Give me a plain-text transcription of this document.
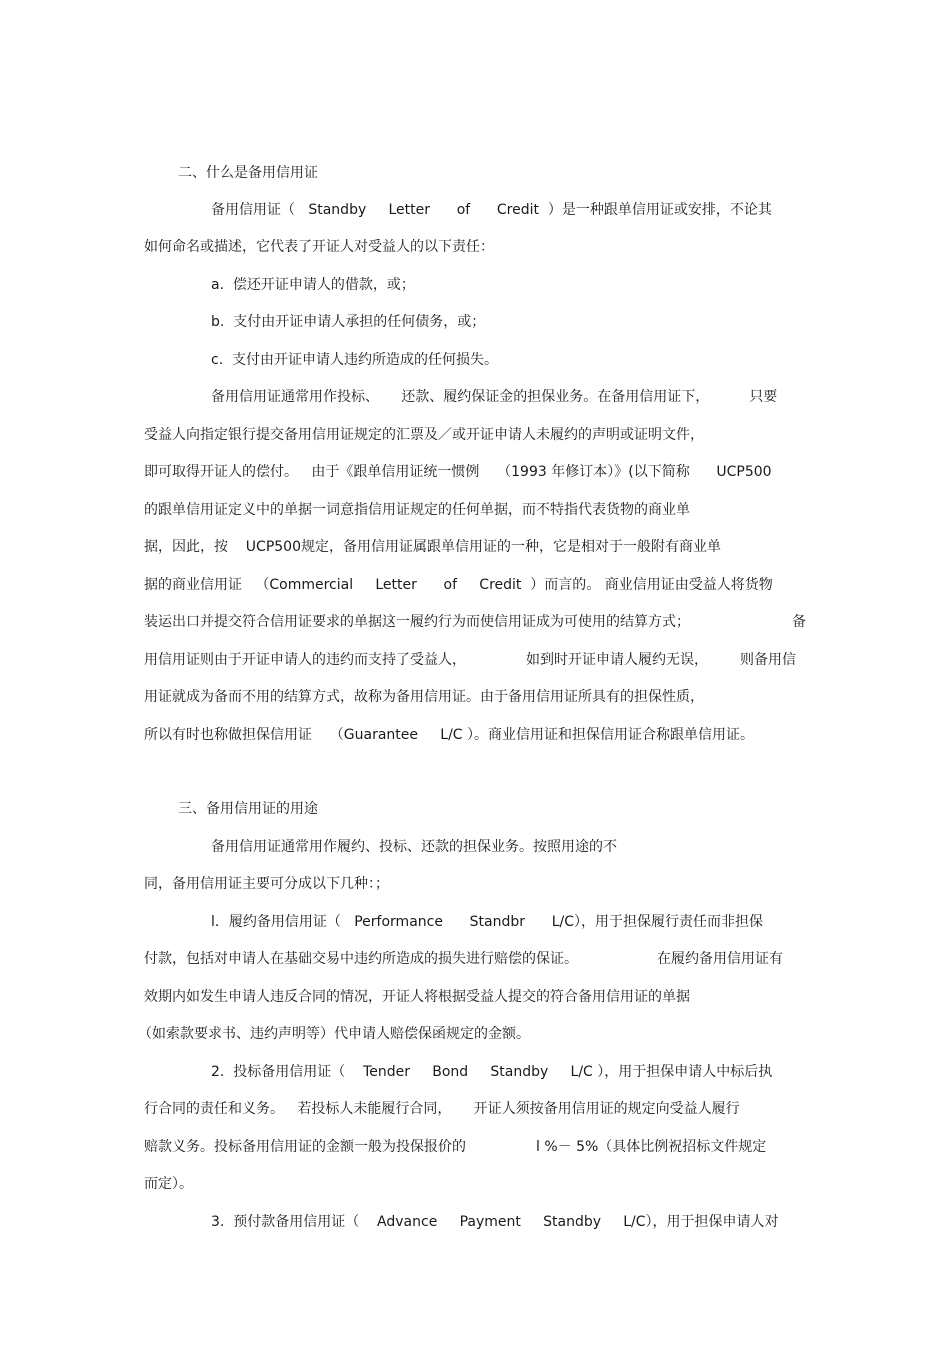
二、什么是备用信用证
备用信用证（   Standby     Letter      of      Credit  ）是一种跟单信用证或安排，不论其
如何命名或描述，它代表了开证人对受益人的以下责任：
a.  偿还开证申请人的借款，或；
b.  支付由开证申请人承担的任何债务，或；
c.  支付由开证申请人违约所造成的任何损失。
备用信用证通常用作投标、     还款、履约保证金的担保业务。在备用信用证下，         只要
受益人向指定银行提交备用信用证规定的汇票及／或开证申请人未履约的声明或证明文件，
即可取得开证人的偿付。   由于《跟单信用证统一惯例    （1993 年修订本）》(以下简称      UCP500
的跟单信用证定义中的单据一词意指信用证规定的任何单据，而不特指代表货物的商业单
据，因此，按    UCP500规定，备用信用证属跟单信用证的一种，它是相对于一般附有商业单
据的商业信用证   （Commercial     Letter      of     Credit  ）而言的。 商业信用证由受益人将货物
装运出口并提交符合信用证要求的单据这一履约行为而使信用证成为可使用的结算方式；	备
用信用证则由于开证申请人的违约而支持了受益人，	如到时开证申请人履约无误， 则备用信
用证就成为备而不用的结算方式，故称为备用信用证。由于备用信用证所具有的担保性质，
所以有时也称做担保信用证    （Guarantee     L/C ）。商业信用证和担保信用证合称跟单信用证。
三、备用信用证的用途
备用信用证通常用作履约、投标、还款的担保业务。按照用途的不
同，备用信用证主要可分成以下几种：；
l．履约备用信用证（   Performance      Standbr      L/C），用于担保履行责任而非担保
付款，包括对申请人在基础交易中违约所造成的损失进行赔偿的保证。	在履约备用信用证有
效期内如发生申请人违反合同的情况，开证人将根据受益人提交的符合备用信用证的单据
（如索款要求书、违约声明等）代申请人赔偿保函规定的金额。
2.  投标备用信用证（    Tender     Bond     Standby     L/C ），用于担保申请人中标后执
行合同的责任和义务。   若投标人未能履行合同，     开证人须按备用信用证的规定向受益人履行
赔款义务。投标备用信用证的金额一般为投保报价的	l %－ 5%（具体比例祝招标文件规定
而定）。
3.  预付款备用信用证（    Advance     Payment     Standby     L/C），用于担保申请人对
